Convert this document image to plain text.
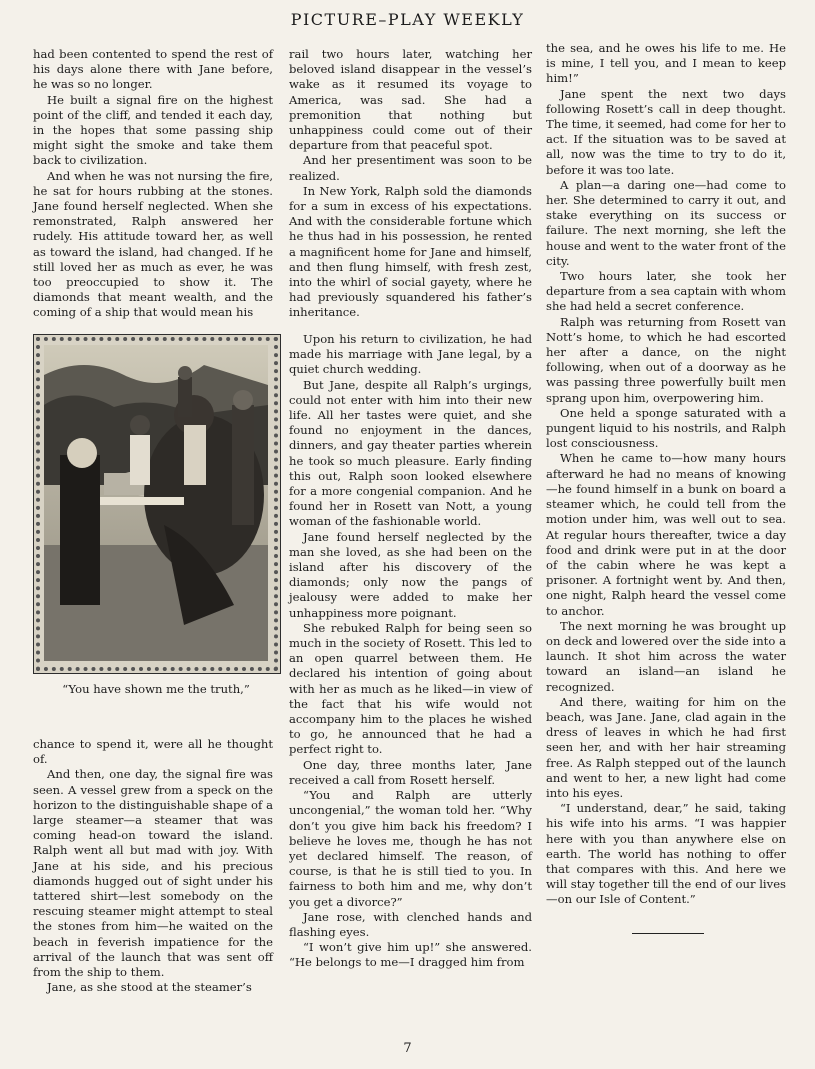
PICTURE–PLAY WEEKLY

had been contented to spend the rest of his days alone there with Jane before, he was so no longer.

He built a signal fire on the highest point of the cliff, and tended it each day, in the hopes that some passing ship might sight the smoke and take them back to civilization.

And when he was not nursing the fire, he sat for hours rubbing at the stones. Jane found herself neglected. When she remonstrated, Ralph answered her rudely. His attitude toward her, as well as toward the island, had changed. If he still loved her as much as ever, he was too preoccupied to show it. The diamonds that meant wealth, and the coming of a ship that would mean his

“You have shown me the truth,”

chance to spend it, were all he thought of.

And then, one day, the signal fire was seen. A vessel grew from a speck on the horizon to the distinguishable shape of a large steamer—a steamer that was coming head-on toward the island. Ralph went all but mad with joy. With Jane at his side, and his precious diamonds hugged out of sight under his tattered shirt—lest somebody on the rescuing steamer might attempt to steal the stones from him—he waited on the beach in feverish impatience for the arrival of the launch that was sent off from the ship to them.

Jane, as she stood at the steamer’s

rail two hours later, watching her beloved island disappear in the vessel’s wake as it resumed its voyage to America, was sad. She had a premonition that nothing but unhappiness could come out of their departure from that peaceful spot.

And her presentiment was soon to be realized.

In New York, Ralph sold the diamonds for a sum in excess of his expectations. And with the considerable fortune which he thus had in his possession, he rented a magnificent home for Jane and himself, and then flung himself, with fresh zest, into the whirl of social gayety, where he had previously squandered his father’s inheritance.

Upon his return to civilization, he had made his marriage with Jane legal, by a quiet church wedding.

But Jane, despite all Ralph’s urgings, could not enter with him into their new life. All her tastes were quiet, and she found no enjoyment in the dances, dinners, and gay theater parties wherein he took so much pleasure. Early finding this out, Ralph soon looked elsewhere for a more congenial companion. And he found her in Rosett van Nott, a young woman of the fashionable world.

Jane found herself neglected by the man she loved, as she had been on the island after his discovery of the diamonds; only now the pangs of jealousy were added to make her unhappiness more poignant.

She rebuked Ralph for being seen so much in the society of Rosett. This led to an open quarrel between them. He declared his intention of going about with her as much as he liked—in view of the fact that his wife would not accompany him to the places he wished to go, he announced that he had a perfect right to.

One day, three months later, Jane received a call from Rosett herself.

“You and Ralph are utterly uncongenial,” the woman told her. “Why don’t you give him back his freedom? I believe he loves me, though he has not yet declared himself. The reason, of course, is that he is still tied to you. In fairness to both him and me, why don’t you get a divorce?”

Jane rose, with clenched hands and flashing eyes.

“I won’t give him up!” she answered. “He belongs to me—I dragged him from

the sea, and he owes his life to me. He is mine, I tell you, and I mean to keep him!”

Jane spent the next two days following Rosett’s call in deep thought. The time, it seemed, had come for her to act. If the situation was to be saved at all, now was the time to try to do it, before it was too late.

A plan—a daring one—had come to her. She determined to carry it out, and stake everything on its success or failure. The next morning, she left the house and went to the water front of the city.

Two hours later, she took her departure from a sea captain with whom she had held a secret conference.

Ralph was returning from Rosett van Nott’s home, to which he had escorted her after a dance, on the night following, when out of a doorway as he was passing three powerfully built men sprang upon him, overpowering him.

One held a sponge saturated with a pungent liquid to his nostrils, and Ralph lost consciousness.

When he came to—how many hours afterward he had no means of knowing—he found himself in a bunk on board a steamer which, he could tell from the motion under him, was well out to sea. At regular hours thereafter, twice a day food and drink were put in at the door of the cabin where he was kept a prisoner. A fortnight went by. And then, one night, Ralph heard the vessel come to anchor.

The next morning he was brought up on deck and lowered over the side into a launch. It shot him across the water toward an island—an island he recognized.

And there, waiting for him on the beach, was Jane. Jane, clad again in the dress of leaves in which he had first seen her, and with her hair streaming free. As Ralph stepped out of the launch and went to her, a new light had come into his eyes.

“I understand, dear,” he said, taking his wife into his arms. “I was happier here with you than anywhere else on earth. The world has nothing to offer that compares with this. And here we will stay together till the end of our lives—on our Isle of Content.”

7
